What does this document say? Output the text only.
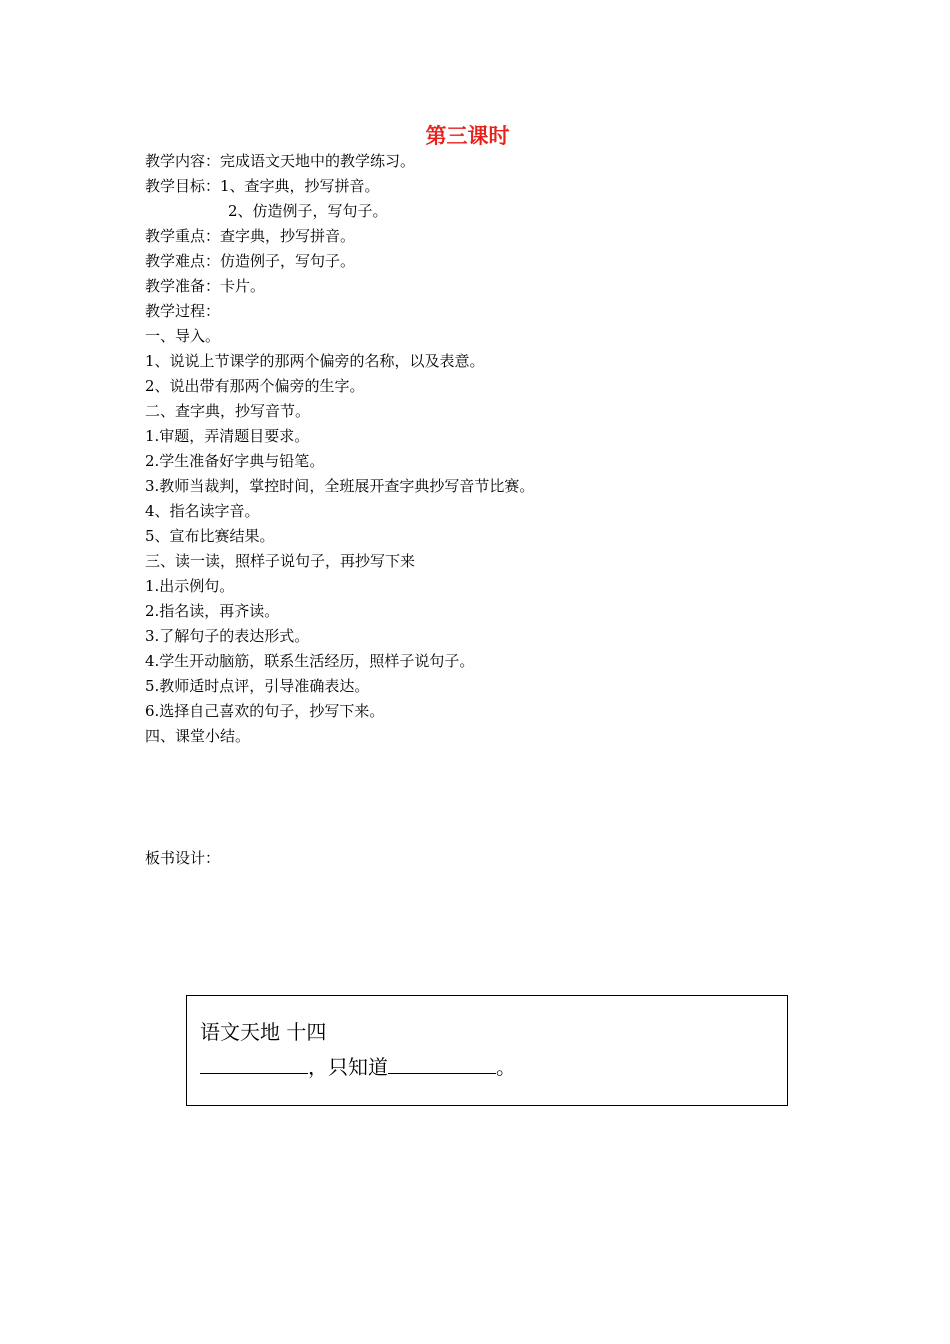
第三课时
教学内容：完成语文天地中的教学练习。
教学目标：1、查字典，抄写拼音。
2、仿造例子，写句子。
教学重点：查字典，抄写拼音。
教学难点：仿造例子，写句子。
教学准备：卡片。
教学过程：
一、导入。
1、说说上节课学的那两个偏旁的名称，以及表意。
2、说出带有那两个偏旁的生字。
二、查字典，抄写音节。
1.审题，弄清题目要求。
2.学生准备好字典与铅笔。
3.教师当裁判，掌控时间，全班展开查字典抄写音节比赛。
4、指名读字音。
5、宣布比赛结果。
三、读一读，照样子说句子，再抄写下来
1.出示例句。
2.指名读，再齐读。
3.了解句子的表达形式。
4.学生开动脑筋，联系生活经历，照样子说句子。
5.教师适时点评，引导准确表达。
6.选择自己喜欢的句子，抄写下来。
四、课堂小结。
板书设计：
语文天地 十四
，只知道	。
